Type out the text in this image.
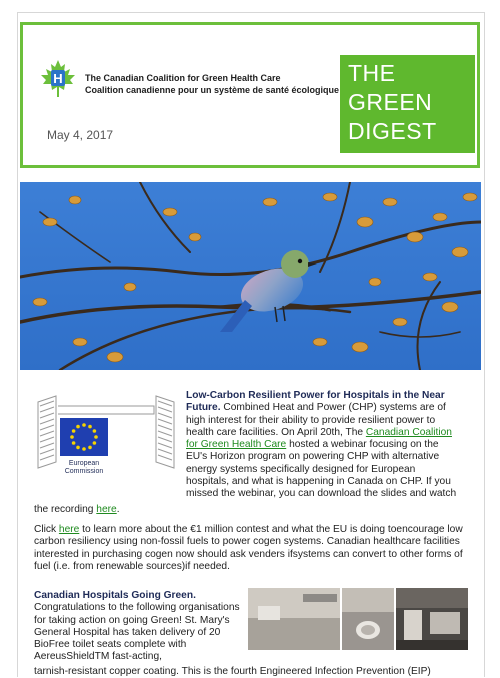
H The Canadian Coalition for Green Health Care
Coalition canadienne pour un système de santé écologique
May 4, 2017
THE
GREEN
DIGEST
European
Commission
Low-Carbon Resilient Power for Hospitals in the Near Future. Combined Heat and Power (CHP) systems are of high interest for their ability to provide resilient power to health care facilities. On April 20th, The Canadian Coalition for Green Health Care hosted a webinar focusing on the EU's Horizon program on powering CHP with alternative energy systems specifically designed for European hospitals, and what is happening in Canada on CHP. If you missed the webinar, you can download the slides and watch
the recording here.
Click here to learn more about the €1 million contest and what the EU is doing toencourage low carbon resiliency using non-fossil fuels to power cogen systems. Canadian healthcare facilities interested in purchasing cogen now should ask venders ifsystems can convert to other forms of fuel (i.e. from renewable sources)if needed.
Canadian Hospitals Going Green.
Congratulations to the following organisations for taking action on going Green! St. Mary's General Hospital has taken delivery of 20 BioFree toilet seats complete with AereusShieldTM fast-acting,
tarnish-resistant copper coating. This is the fourth Engineered Infection Prevention (EIP)
